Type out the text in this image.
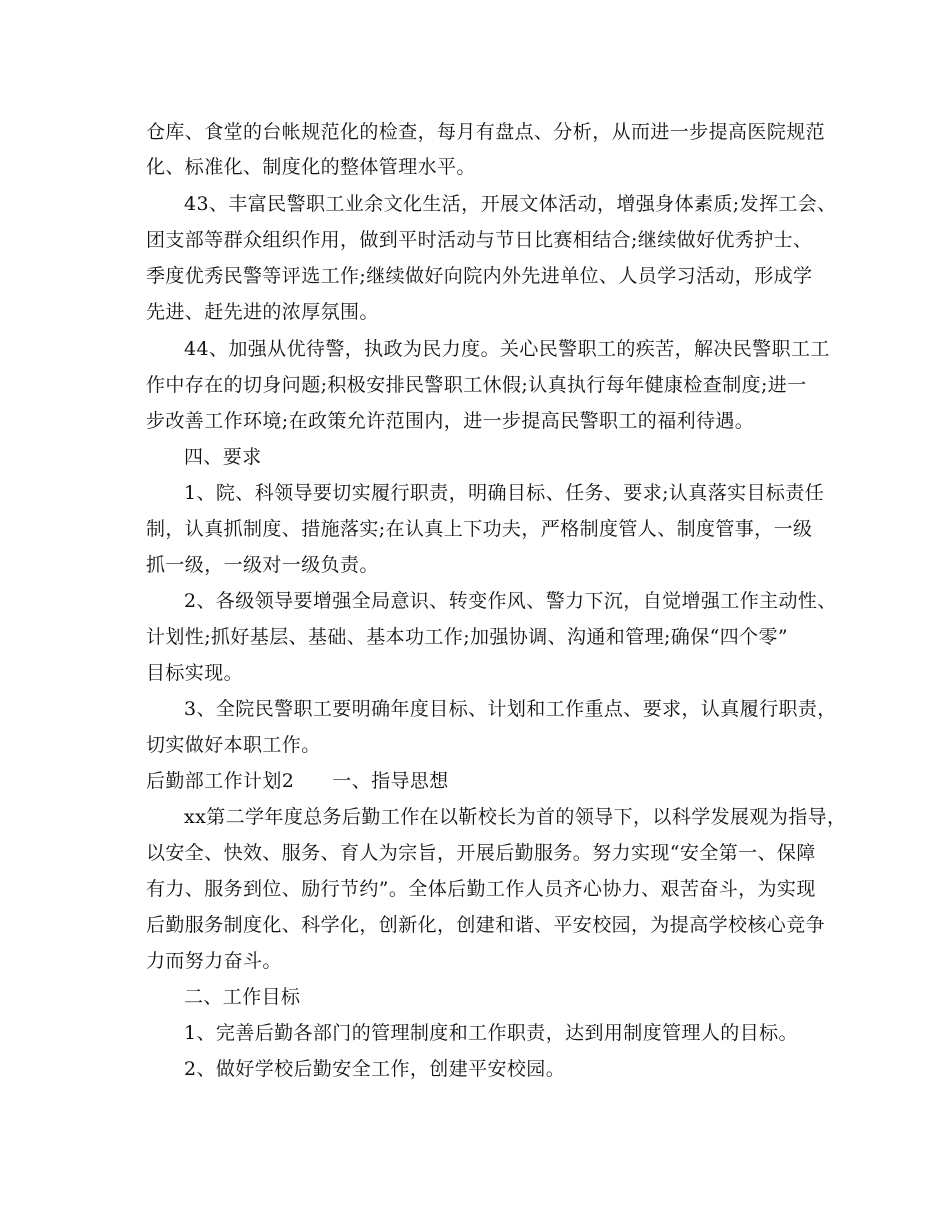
仓库、食堂的台帐规范化的检查，每月有盘点、分析，从而进一步提高医院规范
化、标准化、制度化的整体管理水平。
43、丰富民警职工业余文化生活，开展文体活动，增强身体素质;发挥工会、
团支部等群众组织作用，做到平时活动与节日比赛相结合;继续做好优秀护士、
季度优秀民警等评选工作;继续做好向院内外先进单位、人员学习活动，形成学
先进、赶先进的浓厚氛围。
44、加强从优待警，执政为民力度。关心民警职工的疾苦，解决民警职工工
作中存在的切身问题;积极安排民警职工休假;认真执行每年健康检查制度;进一
步改善工作环境;在政策允许范围内，进一步提高民警职工的福利待遇。
四、要求
1、院、科领导要切实履行职责，明确目标、任务、要求;认真落实目标责任
制，认真抓制度、措施落实;在认真上下功夫，严格制度管人、制度管事，一级
抓一级，一级对一级负责。
2、各级领导要增强全局意识、转变作风、警力下沉，自觉增强工作主动性、
计划性;抓好基层、基础、基本功工作;加强协调、沟通和管理;确保“四个零”
目标实现。
3、全院民警职工要明确年度目标、计划和工作重点、要求，认真履行职责，
切实做好本职工作。
后勤部工作计划2 一、指导思想
xx第二学年度总务后勤工作在以靳校长为首的领导下，以科学发展观为指导，
以安全、快效、服务、育人为宗旨，开展后勤服务。努力实现“安全第一、保障
有力、服务到位、励行节约”。全体后勤工作人员齐心协力、艰苦奋斗，为实现
后勤服务制度化、科学化，创新化，创建和谐、平安校园，为提高学校核心竞争
力而努力奋斗。
二、工作目标
1、完善后勤各部门的管理制度和工作职责，达到用制度管理人的目标。
2、做好学校后勤安全工作，创建平安校园。
